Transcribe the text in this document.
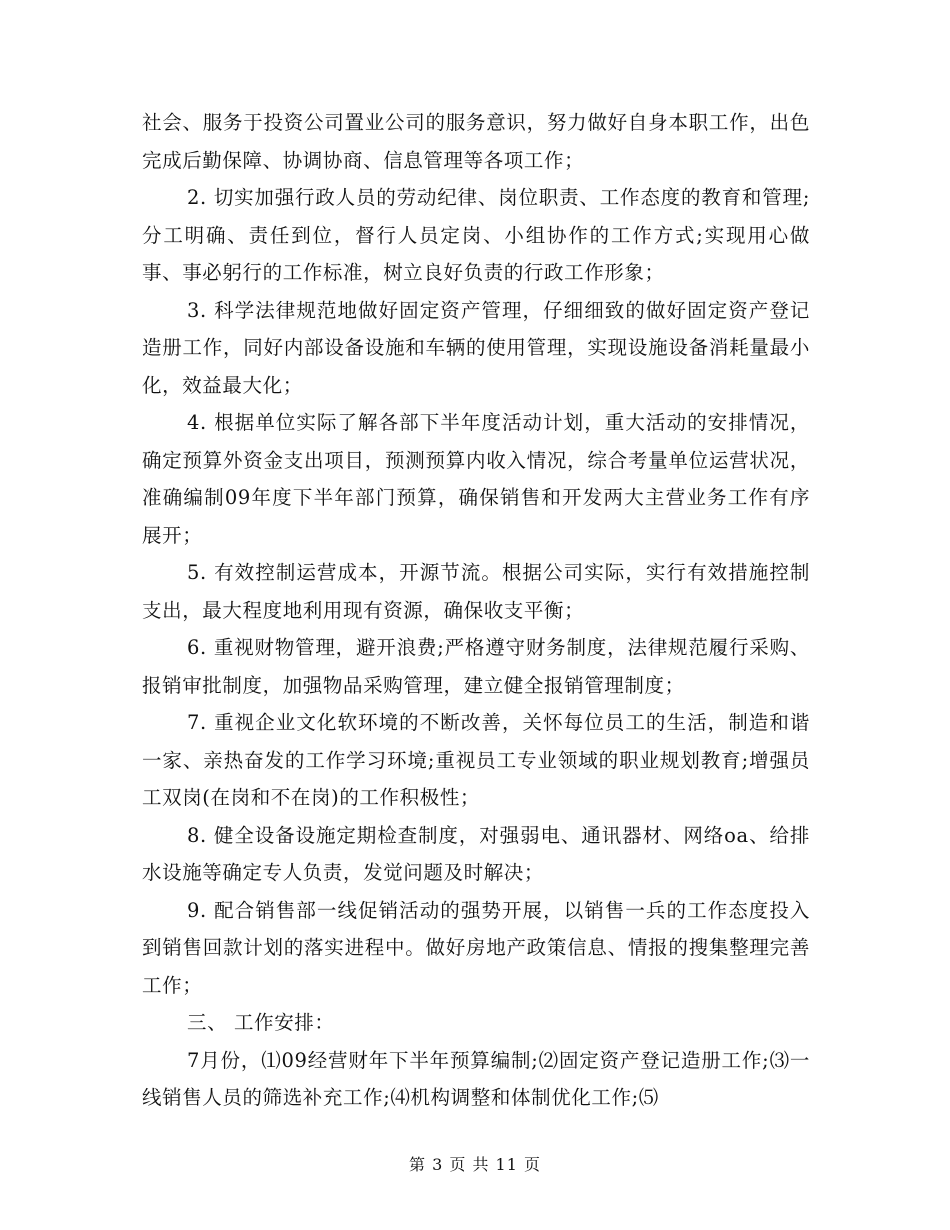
社会、服务于投资公司置业公司的服务意识，努力做好自身本职工作，出色完成后勤保障、协调协商、信息管理等各项工作；

2. 切实加强行政人员的劳动纪律、岗位职责、工作态度的教育和管理;分工明确、责任到位，督行人员定岗、小组协作的工作方式;实现用心做事、事必躬行的工作标准，树立良好负责的行政工作形象；

3. 科学法律规范地做好固定资产管理，仔细细致的做好固定资产登记造册工作，同好内部设备设施和车辆的使用管理，实现设施设备消耗量最小化，效益最大化；

4. 根据单位实际了解各部下半年度活动计划，重大活动的安排情况，确定预算外资金支出项目，预测预算内收入情况，综合考量单位运营状况，准确编制09年度下半年部门预算，确保销售和开发两大主营业务工作有序展开；

5. 有效控制运营成本，开源节流。根据公司实际，实行有效措施控制支出，最大程度地利用现有资源，确保收支平衡；

6. 重视财物管理，避开浪费;严格遵守财务制度，法律规范履行采购、报销审批制度，加强物品采购管理，建立健全报销管理制度；

7. 重视企业文化软环境的不断改善，关怀每位员工的生活，制造和谐一家、亲热奋发的工作学习环境;重视员工专业领域的职业规划教育;增强员工双岗(在岗和不在岗)的工作积极性；

8. 健全设备设施定期检查制度，对强弱电、通讯器材、网络oa、给排水设施等确定专人负责，发觉问题及时解决；

9. 配合销售部一线促销活动的强势开展，以销售一兵的工作态度投入到销售回款计划的落实进程中。做好房地产政策信息、情报的搜集整理完善工作；

三、 工作安排：

7月份，⑴09经营财年下半年预算编制;⑵固定资产登记造册工作;⑶一线销售人员的筛选补充工作;⑷机构调整和体制优化工作;⑸

第 3 页 共 11 页
